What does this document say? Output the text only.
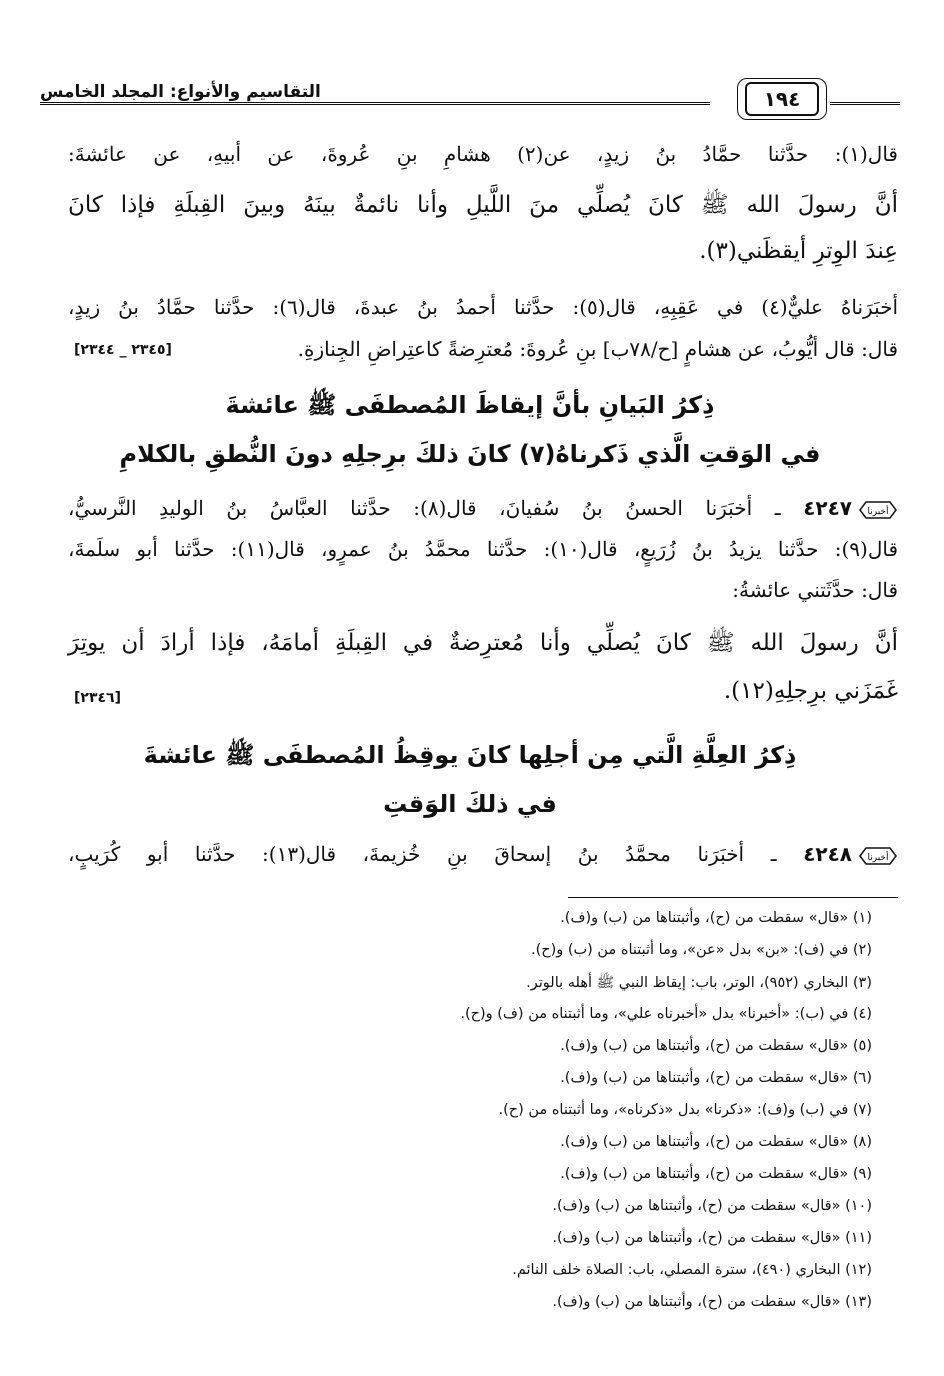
التقاسيم والأنواع: المجلد الخامس	١٩٤
قال(١): حدَّثنا حمَّادُ بنُ زيدٍ، عن(٢) هشامِ بنِ عُروةَ، عن أبيهِ، عن عائشةَ:
أنَّ رسولَ الله ﷺ كانَ يُصلِّي منَ اللَّيلِ وأنا نائمةٌ بينَهُ وبينَ القِبلَةِ فإذا كانَ
عِندَ الوِترِ أيقظَني(٣).
أخبَرَناهُ عليٌّ(٤) في عَقِبِهِ، قال(٥): حدَّثنا أحمدُ بنُ عبدةَ، قال(٦): حدَّثنا حمَّادُ بنُ زيدٍ،
قال: قال أيُّوبُ، عن هشامٍ [ح/٧٨ب] بنِ عُروةَ: مُعترِضةً كاعتِراضِ الجِنازةِ.
[٢٣٤٥ _ ٢٣٤٤]
ذِكرُ البَيانِ بأنَّ إيقاظَ المُصطفَى ﷺ عائشةَ
في الوَقتِ الَّذي ذَكرناهُ(٧) كانَ ذلكَ برِجلِهِ دونَ النُّطقِ بالكلامِ
أخبرنا
٤٢٤٧ ـ أخبَرَنا الحسنُ بنُ سُفيانَ، قال(٨): حدَّثنا العبَّاسُ بنُ الوليدِ النَّرسيُّ،
قال(٩): حدَّثنا يزيدُ بنُ زُرَيعٍ، قال(١٠): حدَّثنا محمَّدُ بنُ عمرٍو، قال(١١): حدَّثنا أبو سلَمةَ،
قال: حدَّثَتني عائشةُ:
أنَّ رسولَ الله ﷺ كانَ يُصلِّي وأنا مُعترِضةٌ في القِبلَةِ أمامَهُ، فإذا أرادَ أن يوتِرَ
غَمَزَني برِجلِهِ(١٢).
[٢٣٤٦]
ذِكرُ العِلَّةِ الَّتي مِن أجلِها كانَ يوقِظُ المُصطفَى ﷺ عائشةَ
في ذلكَ الوَقتِ
أخبرنا
٤٢٤٨ ـ أخبَرَنا محمَّدُ بنُ إسحاقَ بنِ خُزيمةَ، قال(١٣): حدَّثنا أبو كُرَيبٍ،
(١) «قال» سقطت من (ح)، وأثبتناها من (ب) و(ف).
(٢) في (ف): «بن» بدل «عن»، وما أثبتناه من (ب) و(ح).
(٣) البخاري (٩٥٢)، الوتر، باب: إيقاظ النبي ﷺ أهله بالوتر.
(٤) في (ب): «أخبرنا» بدل «أخبرناه علي»، وما أثبتناه من (ف) و(ح).
(٥) «قال» سقطت من (ح)، وأثبتناها من (ب) و(ف).
(٦) «قال» سقطت من (ح)، وأثبتناها من (ب) و(ف).
(٧) في (ب) و(ف): «ذكرنا» بدل «ذكرناه»، وما أثبتناه من (ح).
(٨) «قال» سقطت من (ح)، وأثبتناها من (ب) و(ف).
(٩) «قال» سقطت من (ح)، وأثبتناها من (ب) و(ف).
(١٠) «قال» سقطت من (ح)، وأثبتناها من (ب) و(ف).
(١١) «قال» سقطت من (ح)، وأثبتناها من (ب) و(ف).
(١٢) البخاري (٤٩٠)، سترة المصلي، باب: الصلاة خلف النائم.
(١٣) «قال» سقطت من (ح)، وأثبتناها من (ب) و(ف).
